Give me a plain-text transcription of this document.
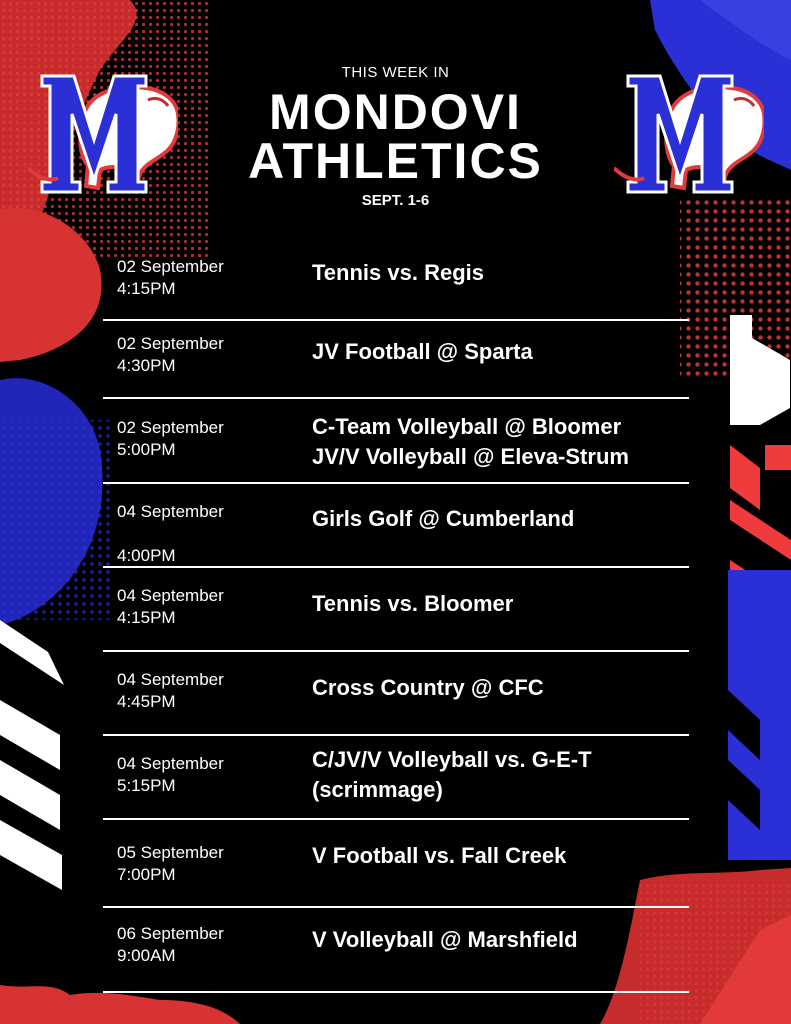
THIS WEEK IN
MONDOVI
ATHLETICS
SEPT. 1-6
02 September
4:15PM
Tennis vs. Regis
02 September
4:30PM
JV Football @ Sparta
02 September
5:00PM
C-Team Volleyball @ Bloomer
JV/V Volleyball @ Eleva-Strum
04 September
4:00PM
Girls Golf @ Cumberland
04 September
4:15PM
Tennis vs. Bloomer
04 September
4:45PM
Cross Country @ CFC
04 September
5:15PM
C/JV/V Volleyball vs. G-E-T
(scrimmage)
05 September
7:00PM
V Football vs. Fall Creek
06 September
9:00AM
V Volleyball @ Marshfield
